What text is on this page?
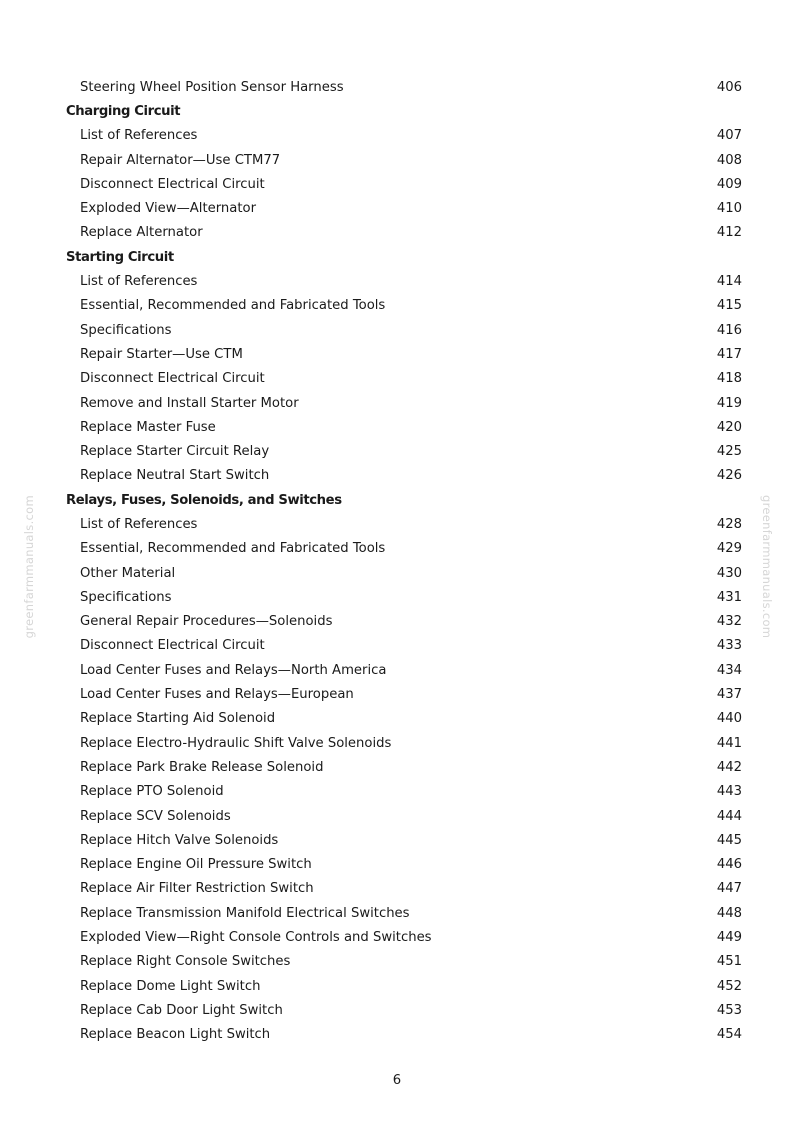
greenfarmmanuals.com	greenfarmmanuals.com
Steering Wheel Position Sensor Harness	406
Charging Circuit
List of References	407
Repair Alternator—Use CTM77	408
Disconnect Electrical Circuit	409
Exploded View—Alternator	410
Replace Alternator	412
Starting Circuit
List of References	414
Essential, Recommended and Fabricated Tools	415
Specifications	416
Repair Starter—Use CTM	417
Disconnect Electrical Circuit	418
Remove and Install Starter Motor	419
Replace Master Fuse	420
Replace Starter Circuit Relay	425
Replace Neutral Start Switch	426
Relays, Fuses, Solenoids, and Switches
List of References	428
Essential, Recommended and Fabricated Tools	429
Other Material	430
Specifications	431
General Repair Procedures—Solenoids	432
Disconnect Electrical Circuit	433
Load Center Fuses and Relays—North America	434
Load Center Fuses and Relays—European	437
Replace Starting Aid Solenoid	440
Replace Electro-Hydraulic Shift Valve Solenoids	441
Replace Park Brake Release Solenoid	442
Replace PTO Solenoid	443
Replace SCV Solenoids	444
Replace Hitch Valve Solenoids	445
Replace Engine Oil Pressure Switch	446
Replace Air Filter Restriction Switch	447
Replace Transmission Manifold Electrical Switches	448
Exploded View—Right Console Controls and Switches	449
Replace Right Console Switches	451
Replace Dome Light Switch	452
Replace Cab Door Light Switch	453
Replace Beacon Light Switch	454
6
